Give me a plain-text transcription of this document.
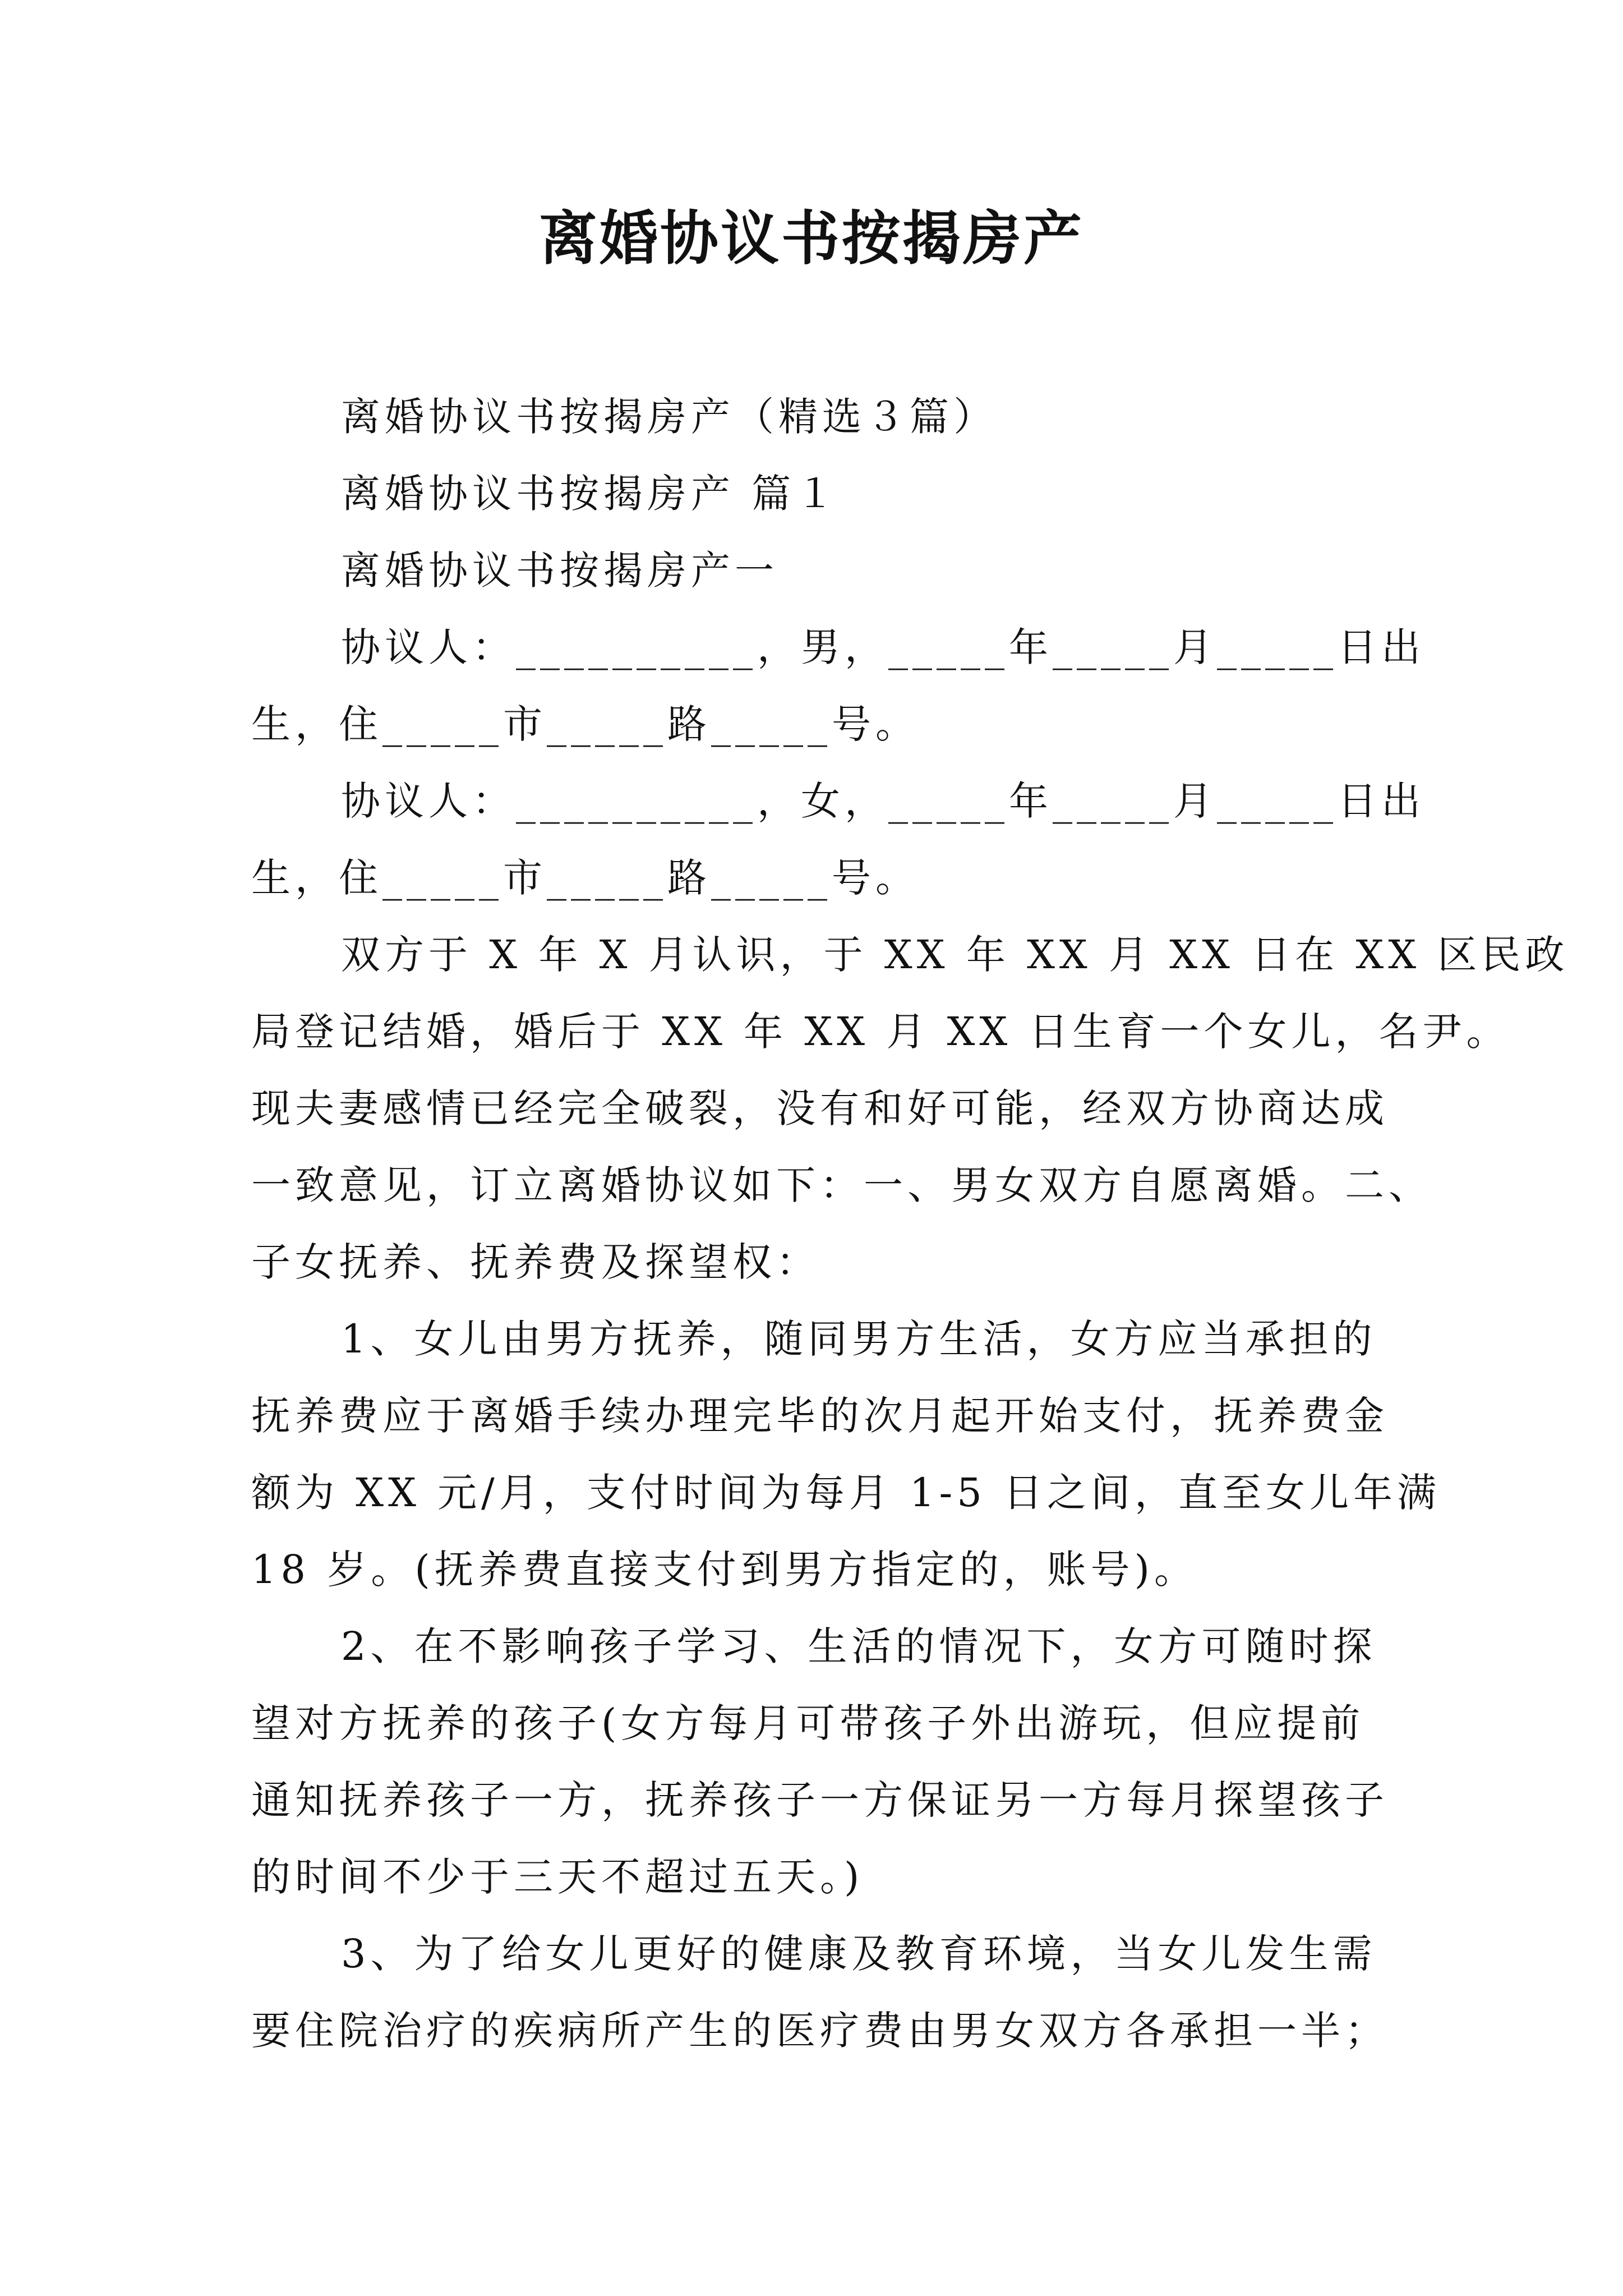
离婚协议书按揭房产
离婚协议书按揭房产（精选３篇）
离婚协议书按揭房产 篇１
离婚协议书按揭房产一
协议人：__________，男，_____年_____月_____日出
生，住_____市_____路_____号。
协议人：__________，女，_____年_____月_____日出
生，住_____市_____路_____号。
双方于 X 年 X 月认识，于 XX 年 XX 月 XX 日在 XX 区民政
局登记结婚，婚后于 XX 年 XX 月 XX 日生育一个女儿，名尹。
现夫妻感情已经完全破裂，没有和好可能，经双方协商达成
一致意见，订立离婚协议如下：一、男女双方自愿离婚。二、
子女抚养、抚养费及探望权：
1、女儿由男方抚养，随同男方生活，女方应当承担的
抚养费应于离婚手续办理完毕的次月起开始支付，抚养费金
额为 XX 元/月，支付时间为每月 1-5 日之间，直至女儿年满
18 岁。(抚养费直接支付到男方指定的，账号)。
2、在不影响孩子学习、生活的情况下，女方可随时探
望对方抚养的孩子(女方每月可带孩子外出游玩，但应提前
通知抚养孩子一方，抚养孩子一方保证另一方每月探望孩子
的时间不少于三天不超过五天。)
3、为了给女儿更好的健康及教育环境，当女儿发生需
要住院治疗的疾病所产生的医疗费由男女双方各承担一半；
